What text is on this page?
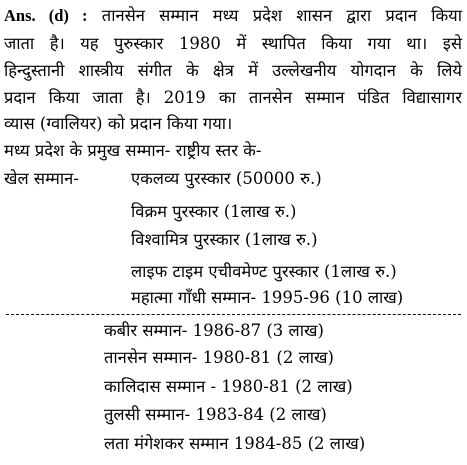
Ans. (d) : तानसेन सम्मान मध्य प्रदेश शासन द्वारा प्रदान किया
जाता है। यह पुरुस्कार 1980 में स्थापित किया गया था। इसे
हिन्दुस्तानी शास्त्रीय संगीत के क्षेत्र में उल्लेखनीय योगदान के लिये
प्रदान किया जाता है। 2019 का तानसेन सम्मान पंडित विद्यासागर
व्यास (ग्वालियर) को प्रदान किया गया।
मध्य प्रदेश के प्रमुख सम्मान- राष्ट्रीय स्तर के-
खेल सम्मान-	एकलव्य पुरस्कार (50000 रु.)
विक्रम पुरस्कार (1लाख रु.)
विश्वामित्र पुरस्कार (1लाख रु.)
लाइफ टाइम एचीवमेण्ट पुरस्कार (1लाख रु.)
महात्मा गाँधी सम्मान- 1995-96 (10 लाख)
कबीर सम्मान- 1986-87 (3 लाख)
तानसेन सम्मान- 1980-81 (2 लाख)
कालिदास सम्मान - 1980-81 (2 लाख)
तुलसी सम्मान- 1983-84 (2 लाख)
लता मंगेशकर सम्मान 1984-85 (2 लाख)
